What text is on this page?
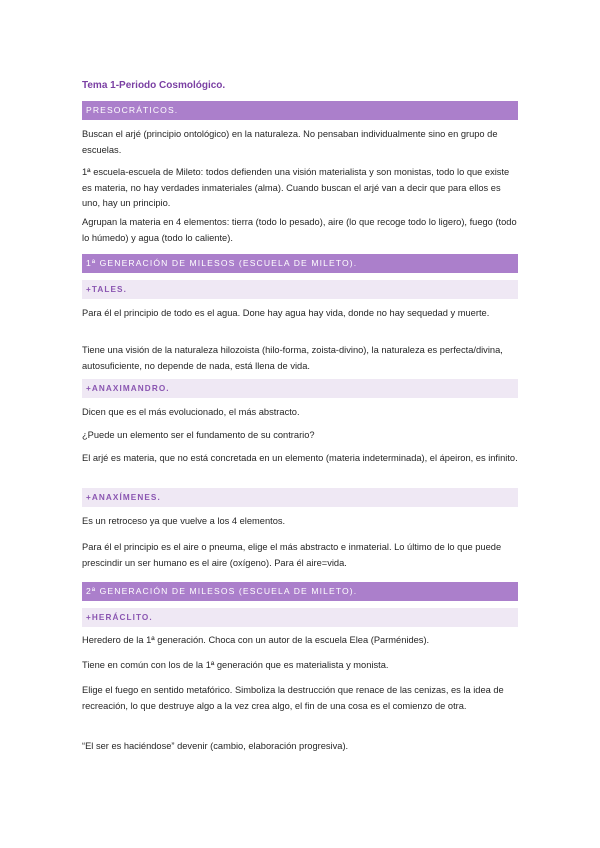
Tema 1-Periodo Cosmológico.
PRESOCRÁTICOS.
Buscan el arjé (principio ontológico) en la naturaleza. No pensaban individualmente sino en grupo de escuelas.
1ª escuela-escuela de Mileto: todos defienden una visión materialista y son monistas, todo lo que existe es materia, no hay verdades inmateriales (alma). Cuando buscan el arjé van a decir que para ellos es uno, hay un principio.
Agrupan la materia en 4 elementos: tierra (todo lo pesado), aire (lo que recoge todo lo ligero), fuego (todo lo húmedo) y agua (todo lo caliente).
1ª GENERACIÓN DE MILESOS (ESCUELA DE MILETO).
+TALES.
Para él el principio de todo es el agua. Done hay agua hay vida, donde no hay sequedad y muerte.
Tiene una visión de la naturaleza hilozoista (hilo-forma, zoista-divino), la naturaleza es perfecta/divina, autosuficiente, no depende de nada, está llena de vida.
+ANAXIMANDRO.
Dicen que es el más evolucionado, el más abstracto.
¿Puede un elemento ser el fundamento de su contrario?
El arjé es materia, que no está concretada en un elemento (materia indeterminada), el ápeiron, es infinito.
+ANAXÍMENES.
Es un retroceso ya que vuelve a los 4 elementos.
Para él el principio es el aire o pneuma, elige el más abstracto e inmaterial. Lo último de lo que puede prescindir un ser humano es el aire (oxígeno). Para él aire=vida.
2ª GENERACIÓN DE MILESOS (ESCUELA DE MILETO).
+HERÁCLITO.
Heredero de la 1ª generación. Choca con un autor de la escuela Elea (Parménides).
Tiene en común con los de la 1ª generación que es materialista y monista.
Elige el fuego en sentido metafórico. Simboliza la destrucción que renace de las cenizas, es la idea de recreación, lo que destruye algo a la vez crea algo, el fin de una cosa es el comienzo de otra.
“El ser es haciéndose” devenir (cambio, elaboración progresiva).
